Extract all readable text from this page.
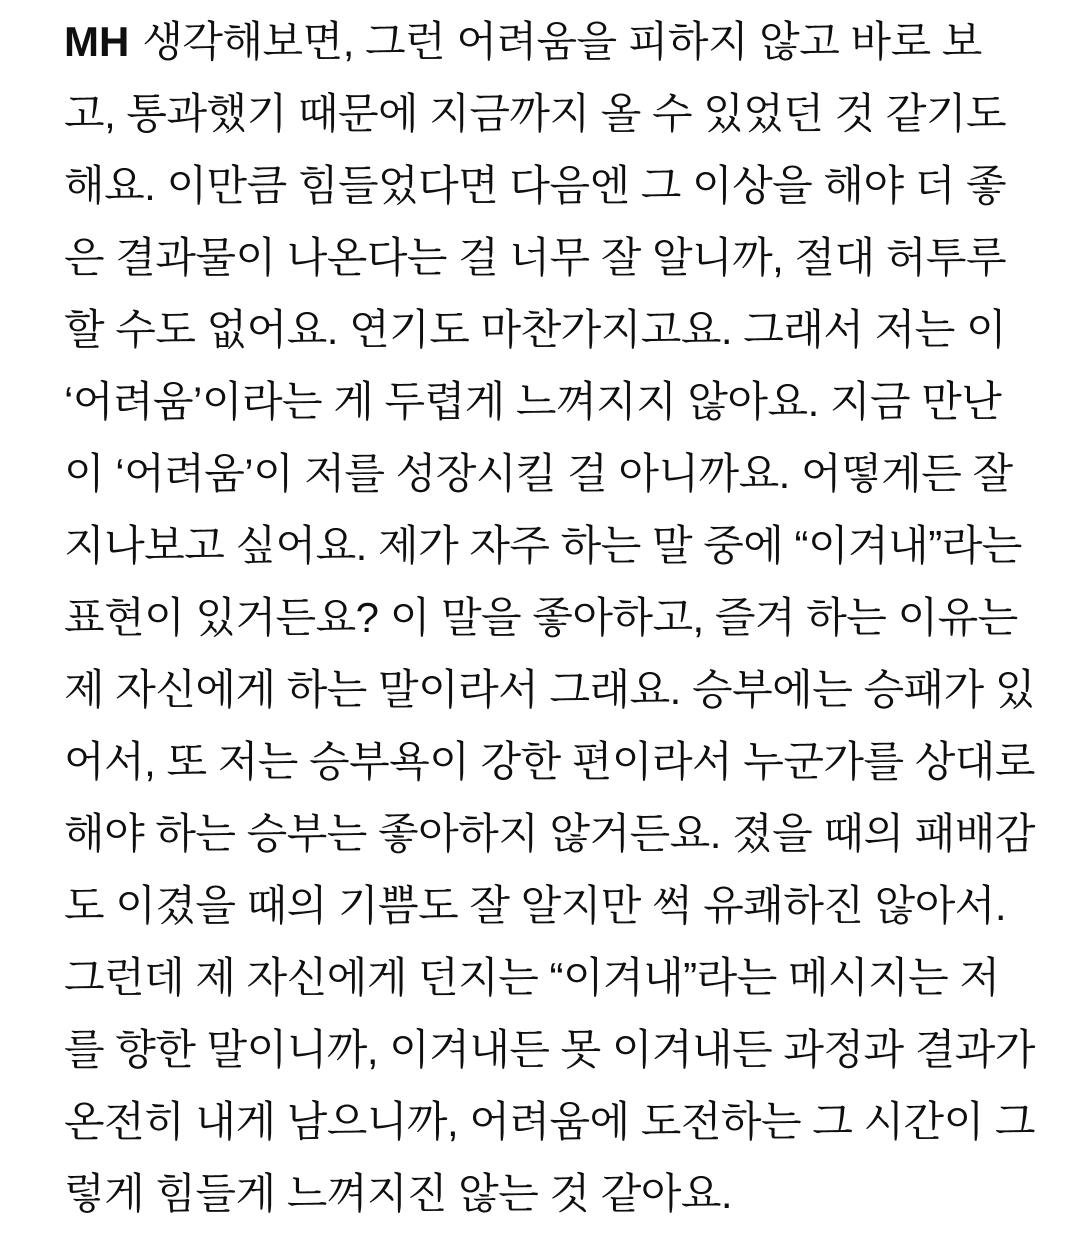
MH 생각해보면, 그런 어려움을 피하지 않고 바로 보

고, 통과했기 때문에 지금까지 올 수 있었던 것 같기도

해요. 이만큼 힘들었다면 다음엔 그 이상을 해야 더 좋

은 결과물이 나온다는 걸 너무 잘 알니까, 절대 허투루

할 수도 없어요. 연기도 마찬가지고요. 그래서 저는 이

‘어려움’이라는 게 두렵게 느껴지지 않아요. 지금 만난

이 ‘어려움’이 저를 성장시킬 걸 아니까요. 어떻게든 잘

지나보고 싶어요. 제가 자주 하는 말 중에 “이겨내”라는

표현이 있거든요? 이 말을 좋아하고, 즐겨 하는 이유는

제 자신에게 하는 말이라서 그래요. 승부에는 승패가 있

어서, 또 저는 승부욕이 강한 편이라서 누군가를 상대로

해야 하는 승부는 좋아하지 않거든요. 졌을 때의 패배감

도 이겼을 때의 기쁨도 잘 알지만 썩 유쾌하진 않아서.

그런데 제 자신에게 던지는 “이겨내”라는 메시지는 저

를 향한 말이니까, 이겨내든 못 이겨내든 과정과 결과가

온전히 내게 남으니까, 어려움에 도전하는 그 시간이 그

렇게 힘들게 느껴지진 않는 것 같아요.
